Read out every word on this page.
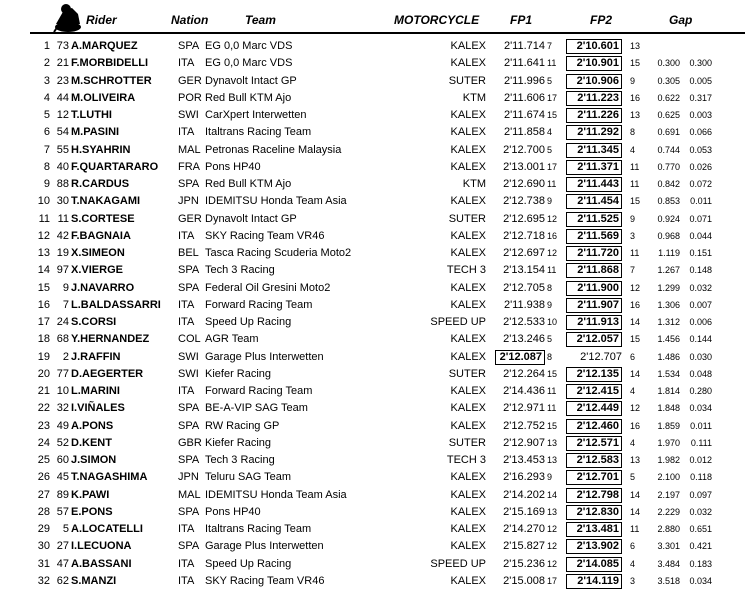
Rider	Nation	Team	MOTORCYCLE	FP1	FP2	Gap
1 73 A.MARQUEZ	SPA EG 0,0 Marc VDS	KALEX	2'11.714 7	2'10.601	13
2 21 F.MORBIDELLI	ITA EG 0,0 Marc VDS	KALEX	2'11.641 11	2'10.901	15	0.300	0.300
3 23 M.SCHROTTER GER Dynavolt Intact GP	SUTER	2'11.996 5	2'10.906	9	0.305	0.005
4 44 M.OLIVEIRA	POR Red Bull KTM Ajo	KTM	2'11.606 17	2'11.223	16	0.622	0.317
5 12 T.LUTHI	SWI CarXpert Interwetten	KALEX	2'11.674 15	2'11.226	13	0.625	0.003
6 54 M.PASINI	ITA Italtrans Racing Team	KALEX	2'11.858 4	2'11.292	8	0.691	0.066
7 55 H.SYAHRIN	MAL Petronas Raceline Malaysia	KALEX	2'12.700 5	2'11.345	4	0.744	0.053
8 40 F.QUARTARARO FRA Pons HP40	KALEX	2'13.001 17	2'11.371	11	0.770	0.026
9 88 R.CARDUS	SPA Red Bull KTM Ajo	KTM	2'12.690 11	2'11.443	11	0.842	0.072
10 30 T.NAKAGAMI	JPN IDEMITSU Honda Team Asia	KALEX	2'12.738 9	2'11.454	15	0.853	0.011
11 11 S.CORTESE	GER Dynavolt Intact GP	SUTER	2'12.695 12	2'11.525	9	0.924	0.071
12 42 F.BAGNAIA	ITA SKY Racing Team VR46	KALEX	2'12.718 16	2'11.569	3	0.968	0.044
13 19 X.SIMEON	BEL Tasca Racing Scuderia Moto2	KALEX	2'12.697 12	2'11.720	11	1.119	0.151
14 97 X.VIERGE	SPA Tech 3 Racing	TECH 3	2'13.154 11	2'11.868	7	1.267	0.148
15	9 J.NAVARRO	SPA Federal Oil Gresini Moto2	KALEX	2'12.705 8	2'11.900	12	1.299	0.032
16	7 L.BALDASSARRI ITA Forward Racing Team	KALEX	2'11.938 9	2'11.907	16	1.306	0.007
17 24 S.CORSI	ITA Speed Up Racing	SPEED UP	2'12.533 10	2'11.913	14	1.312	0.006
18 68 Y.HERNANDEZ	COL AGR Team	KALEX	2'13.246 5	2'12.057	15	1.456	0.144
19	2 J.RAFFIN	SWI Garage Plus Interwetten	KALEX	2'12.087 8	2'12.707 6	1.486	0.030
20 77 D.AEGERTER	SWI Kiefer Racing	SUTER	2'12.264 15	2'12.135	14	1.534	0.048
21 10 L.MARINI	ITA Forward Racing Team	KALEX	2'14.436 11	2'12.415	4	1.814	0.280
22 32 I.VIÑALES	SPA BE-A-VIP SAG Team	KALEX	2'12.971 11	2'12.449	12	1.848	0.034
23 49 A.PONS	SPA RW Racing GP	KALEX	2'12.752 15	2'12.460	16	1.859	0.011
24 52 D.KENT	GBR Kiefer Racing	SUTER	2'12.907 13	2'12.571	4	1.970	0.111
25 60 J.SIMON	SPA Tech 3 Racing	TECH 3	2'13.453 13	2'12.583	13	1.982	0.012
26 45 T.NAGASHIMA	JPN Teluru SAG Team	KALEX	2'16.293 9	2'12.701	5	2.100	0.118
27 89 K.PAWI	MAL IDEMITSU Honda Team Asia	KALEX	2'14.202 14	2'12.798	14	2.197	0.097
28 57 E.PONS	SPA Pons HP40	KALEX	2'15.169 13	2'12.830	14	2.229	0.032
29	5 A.LOCATELLI	ITA Italtrans Racing Team	KALEX	2'14.270 12	2'13.481	11	2.880	0.651
30 27 I.LECUONA	SPA Garage Plus Interwetten	KALEX	2'15.827 12	2'13.902	6	3.301	0.421
31 47 A.BASSANI	ITA Speed Up Racing	SPEED UP	2'15.236 12	2'14.085	4	3.484	0.183
32 62 S.MANZI	ITA SKY Racing Team VR46	KALEX	2'15.008 17	2'14.119	3	3.518	0.034
